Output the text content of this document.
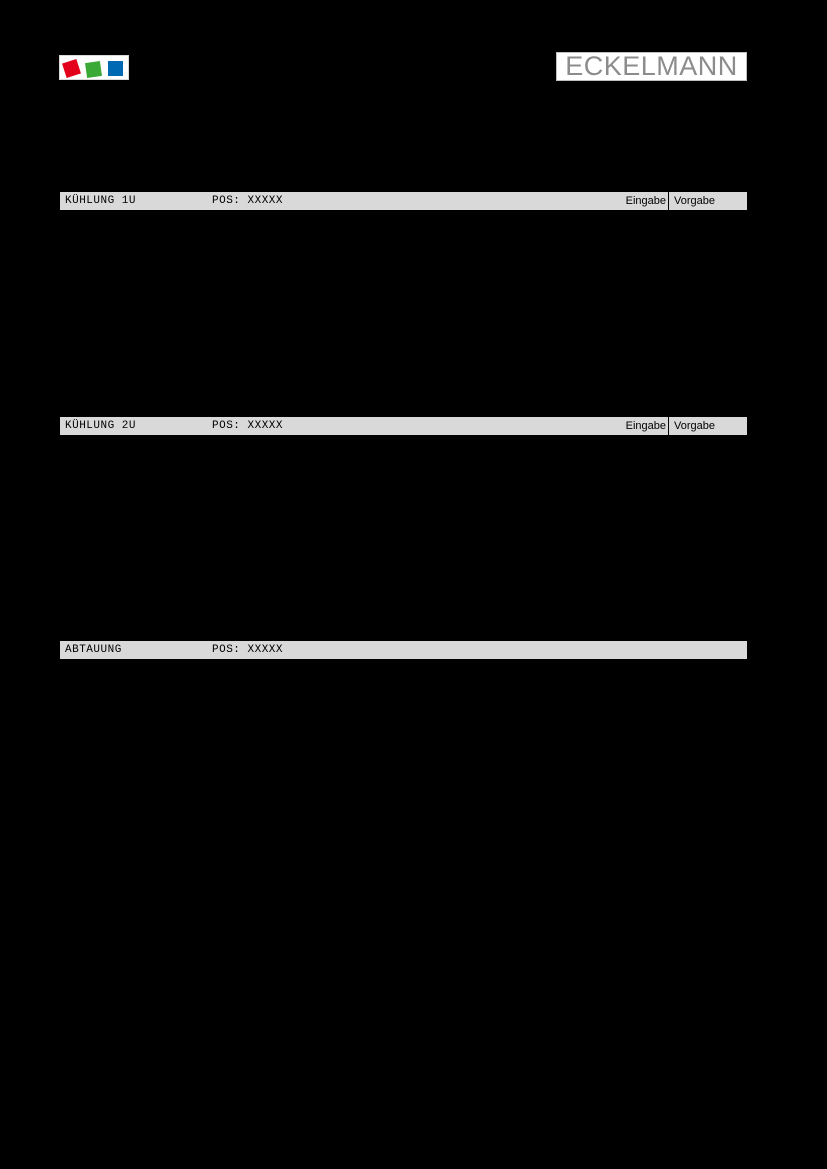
ECKELMANN
KÜHLUNG 1U	POS: XXXXX	Eingabe Vorgabe
KÜHLUNG 2U	POS: XXXXX	Eingabe Vorgabe
ABTAUUNG	POS: XXXXX
